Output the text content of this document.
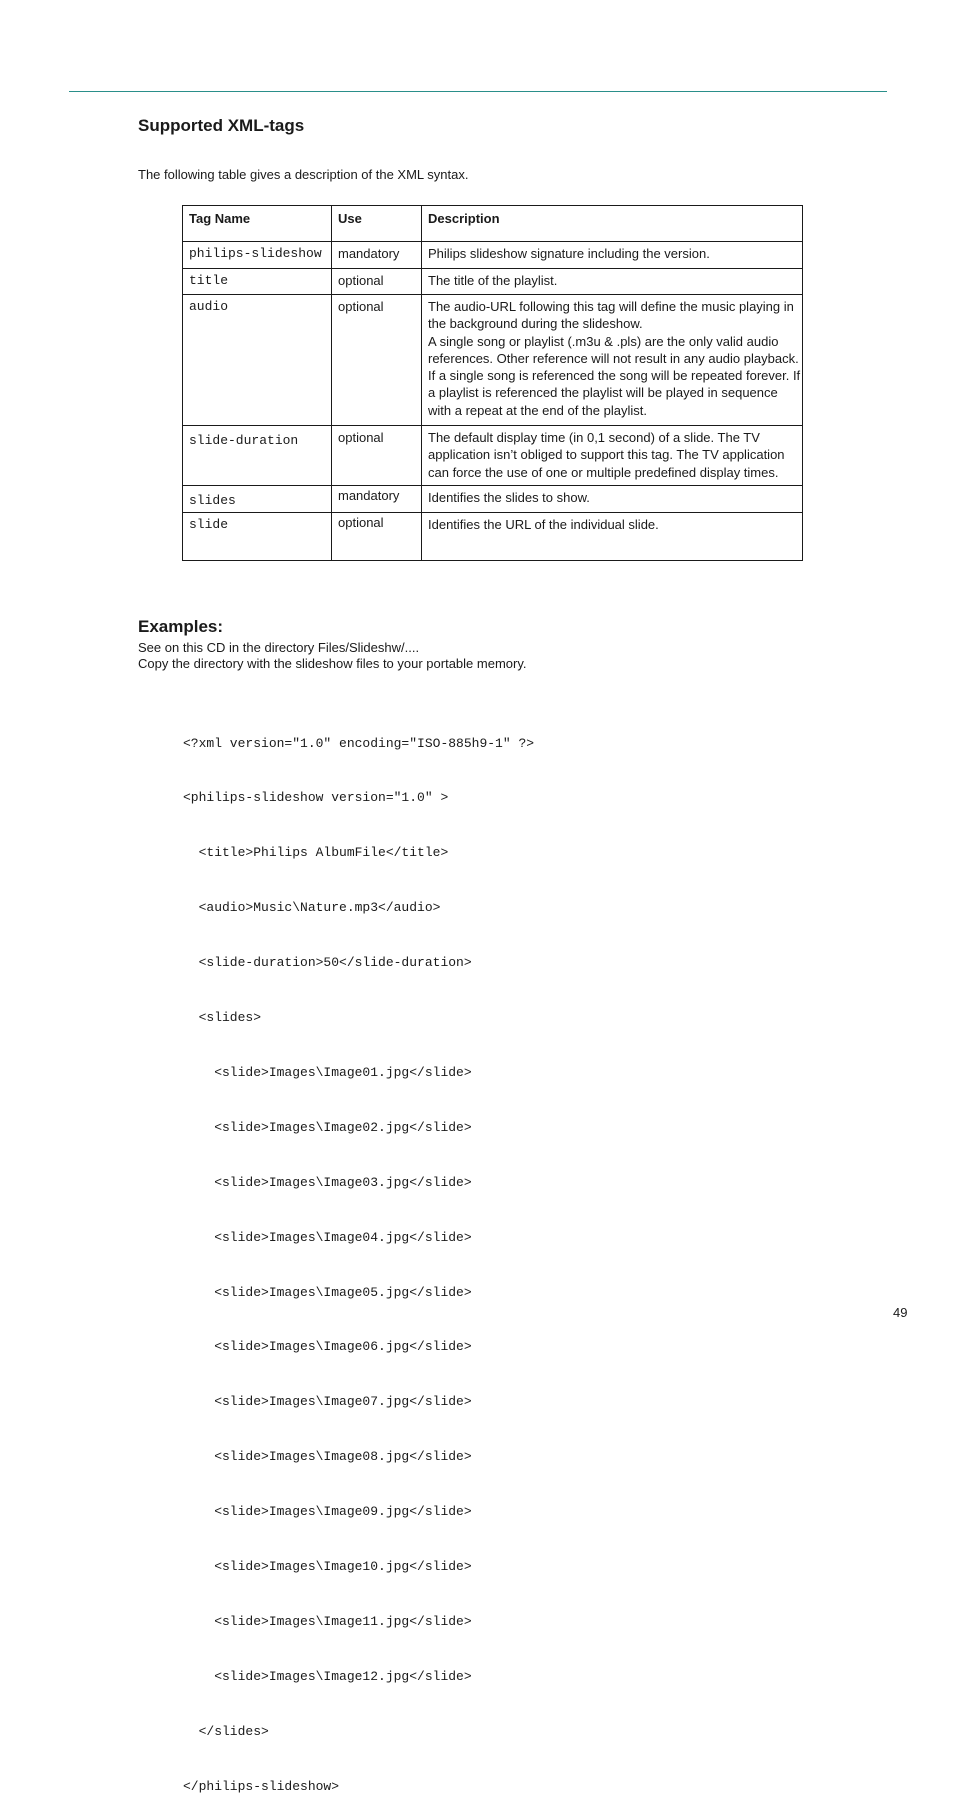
Supported XML-tags

The following table gives a description of the XML syntax.

Tag Name	Use	Description
philips-slideshow	mandatory	Philips slideshow signature including the version.
title	optional	The title of the playlist.
audio	optional	The audio-URL following this tag will define the music playing in the background during the slideshow.
A single song or playlist (.m3u & .pls) are the only valid audio references. Other reference will not result in any audio playback. If a single song is referenced the song will be repeated forever. If a playlist is referenced the playlist will be played in sequence with a repeat at the end of the playlist.
slide-duration	optional	The default display time (in 0,1 second) of a slide. The TV application isn’t obliged to support this tag. The TV application can force the use of one or multiple predefined display times.
slides	mandatory	Identifies the slides to show.
slide	optional	Identifies the URL of the individual slide.
Examples:
See on this CD in the directory Files/Slideshw/....
Copy the directory with the slideshow files to your portable memory.

<?xml version="1.0" encoding="ISO-885h9-1" ?>

<philips-slideshow version="1.0" >

<title>Philips AlbumFile</title>

<audio>Music\Nature.mp3</audio>

<slide-duration>50</slide-duration>

<slides>

<slide>Images\Image01.jpg</slide>

<slide>Images\Image02.jpg</slide>

<slide>Images\Image03.jpg</slide>

<slide>Images\Image04.jpg</slide>

<slide>Images\Image05.jpg</slide>

<slide>Images\Image06.jpg</slide>

<slide>Images\Image07.jpg</slide>

<slide>Images\Image08.jpg</slide>

<slide>Images\Image09.jpg</slide>

<slide>Images\Image10.jpg</slide>

<slide>Images\Image11.jpg</slide>

<slide>Images\Image12.jpg</slide>

</slides>

</philips-slideshow>

49
